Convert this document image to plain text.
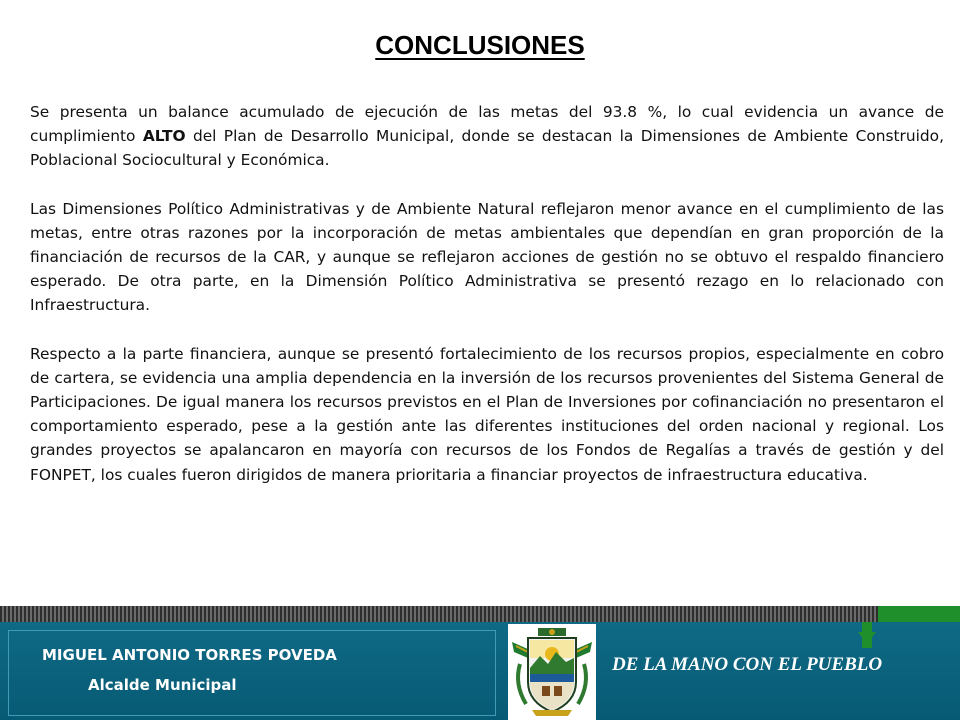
CONCLUSIONES

Se presenta un balance acumulado de ejecución de las metas del 93.8 %, lo cual evidencia un avance de cumplimiento ALTO del Plan de Desarrollo Municipal, donde se destacan la Dimensiones de Ambiente Construido, Poblacional Sociocultural y Económica.

Las Dimensiones Político Administrativas y de Ambiente Natural reflejaron menor avance en el cumplimiento de las metas, entre otras razones por la incorporación de metas ambientales que dependían en gran proporción de la financiación de recursos de la CAR, y aunque se reflejaron acciones de gestión no se obtuvo el respaldo financiero esperado. De otra parte, en la Dimensión Político Administrativa se presentó rezago en lo relacionado con Infraestructura.

Respecto a la parte financiera, aunque se presentó fortalecimiento de los recursos propios, especialmente en cobro de cartera, se evidencia una amplia dependencia en la inversión de los recursos provenientes del Sistema General de Participaciones. De igual manera los recursos previstos en el Plan de Inversiones por cofinanciación no presentaron el comportamiento esperado, pese a la gestión ante las diferentes instituciones del orden nacional y regional. Los grandes proyectos se apalancaron en mayoría con recursos de los Fondos de Regalías a través de gestión y del FONPET, los cuales fueron dirigidos de manera prioritaria a financiar proyectos de infraestructura educativa.

MIGUEL ANTONIO TORRES POVEDA
Alcalde Municipal
DE LA MANO CON EL PUEBLO
